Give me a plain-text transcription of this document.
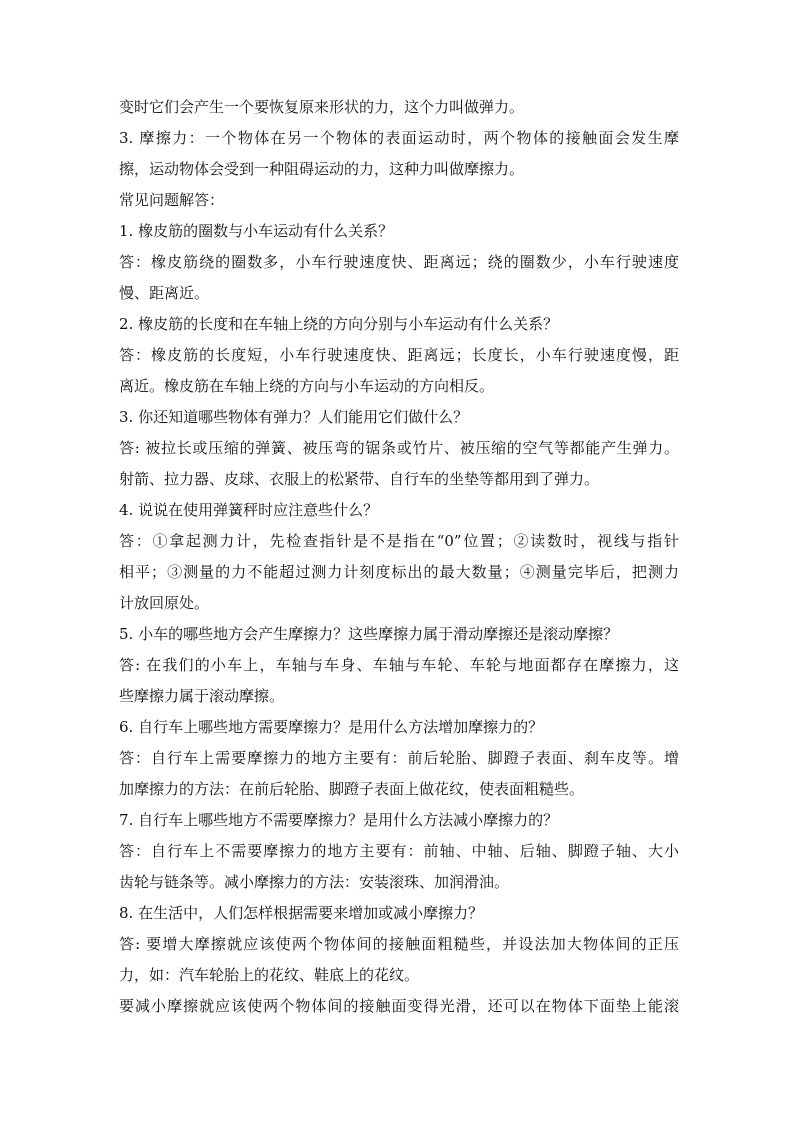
变时它们会产生一个要恢复原来形状的力，这个力叫做弹力。
3. 摩擦力：一个物体在另一个物体的表面运动时，两个物体的接触面会发生摩
擦，运动物体会受到一种阻碍运动的力，这种力叫做摩擦力。
常见问题解答：
1. 橡皮筋的圈数与小车运动有什么关系？
答：橡皮筋绕的圈数多，小车行驶速度快、距离远；绕的圈数少，小车行驶速度
慢、距离近。
2. 橡皮筋的长度和在车轴上绕的方向分别与小车运动有什么关系？
答：橡皮筋的长度短，小车行驶速度快、距离远；长度长，小车行驶速度慢，距
离近。橡皮筋在车轴上绕的方向与小车运动的方向相反。
3. 你还知道哪些物体有弹力？人们能用它们做什么？
答: 被拉长或压缩的弹簧、被压弯的锯条或竹片、被压缩的空气等都能产生弹力。
射箭、拉力器、皮球、衣服上的松紧带、自行车的坐垫等都用到了弹力。
4. 说说在使用弹簧秤时应注意些什么？
答：①拿起测力计，先检查指针是不是指在“0”位置；②读数时，视线与指针
相平；③测量的力不能超过测力计刻度标出的最大数量；④测量完毕后，把测力
计放回原处。
5. 小车的哪些地方会产生摩擦力？这些摩擦力属于滑动摩擦还是滚动摩擦？
答: 在我们的小车上，车轴与车身、车轴与车轮、车轮与地面都存在摩擦力，这
些摩擦力属于滚动摩擦。
6. 自行车上哪些地方需要摩擦力？是用什么方法增加摩擦力的？
答：自行车上需要摩擦力的地方主要有：前后轮胎、脚蹬子表面、刹车皮等。增
加摩擦力的方法：在前后轮胎、脚蹬子表面上做花纹，使表面粗糙些。
7. 自行车上哪些地方不需要摩擦力？是用什么方法减小摩擦力的？
答：自行车上不需要摩擦力的地方主要有：前轴、中轴、后轴、脚蹬子轴、大小
齿轮与链条等。减小摩擦力的方法：安装滚珠、加润滑油。
8. 在生活中，人们怎样根据需要来增加或减小摩擦力？
答: 要增大摩擦就应该使两个物体间的接触面粗糙些，并设法加大物体间的正压
力，如：汽车轮胎上的花纹、鞋底上的花纹。
要减小摩擦就应该使两个物体间的接触面变得光滑，还可以在物体下面垫上能滚
